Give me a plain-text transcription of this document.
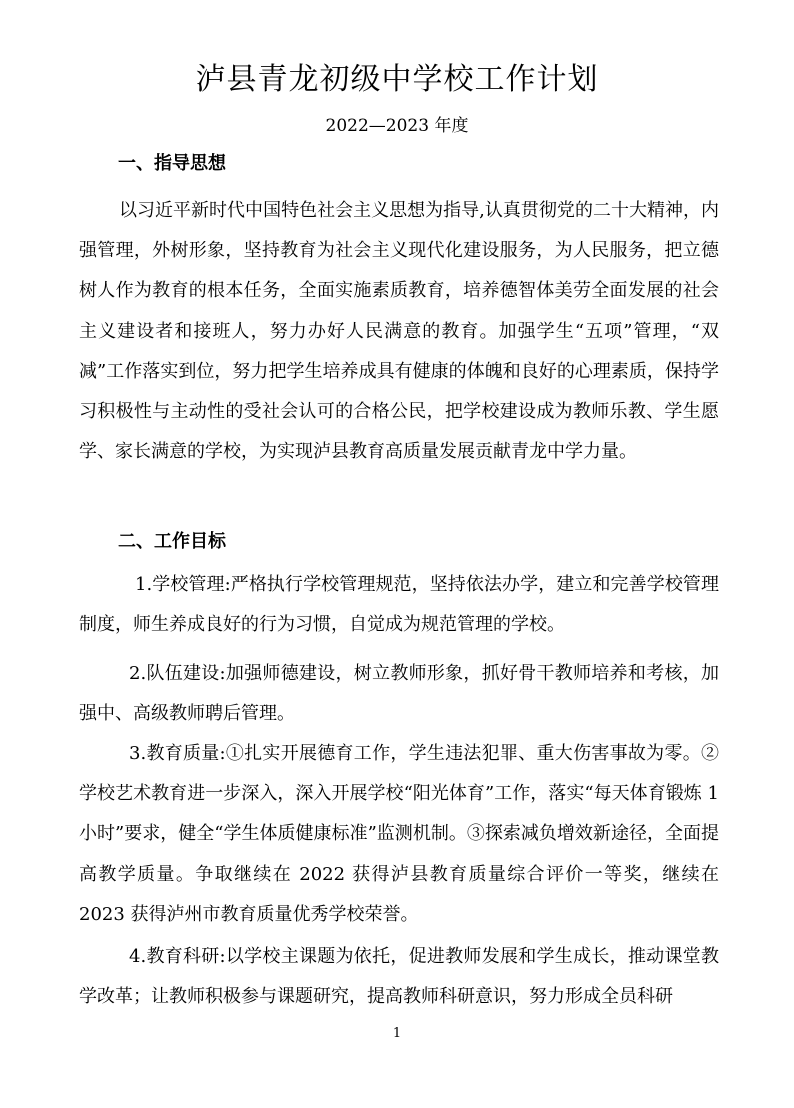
泸县青龙初级中学校工作计划
2022—2023 年度
一、指导思想

以习近平新时代中国特色社会主义思想为指导,认真贯彻党的二十大精神，内强管理，外树形象，坚持教育为社会主义现代化建设服务，为人民服务，把立德树人作为教育的根本任务，全面实施素质教育，培养德智体美劳全面发展的社会主义建设者和接班人，努力办好人民满意的教育。加强学生“五项”管理，“双减”工作落实到位，努力把学生培养成具有健康的体魄和良好的心理素质，保持学习积极性与主动性的受社会认可的合格公民，把学校建设成为教师乐教、学生愿学、家长满意的学校，为实现泸县教育高质量发展贡献青龙中学力量。

二、工作目标

1.学校管理:严格执行学校管理规范，坚持依法办学，建立和完善学校管理制度，师生养成良好的行为习惯，自觉成为规范管理的学校。

2.队伍建设:加强师德建设，树立教师形象，抓好骨干教师培养和考核，加强中、高级教师聘后管理。

3.教育质量:①扎实开展德育工作，学生违法犯罪、重大伤害事故为零。②学校艺术教育进一步深入，深入开展学校“阳光体育”工作，落实“每天体育锻炼 1 小时”要求，健全“学生体质健康标准”监测机制。③探索减负增效新途径，全面提高教学质量。争取继续在 2022 获得泸县教育质量综合评价一等奖，继续在 2023 获得泸州市教育质量优秀学校荣誉。

4.教育科研:以学校主课题为依托，促进教师发展和学生成长，推动课堂教学改革；让教师积极参与课题研究，提高教师科研意识，努力形成全员科研

1
